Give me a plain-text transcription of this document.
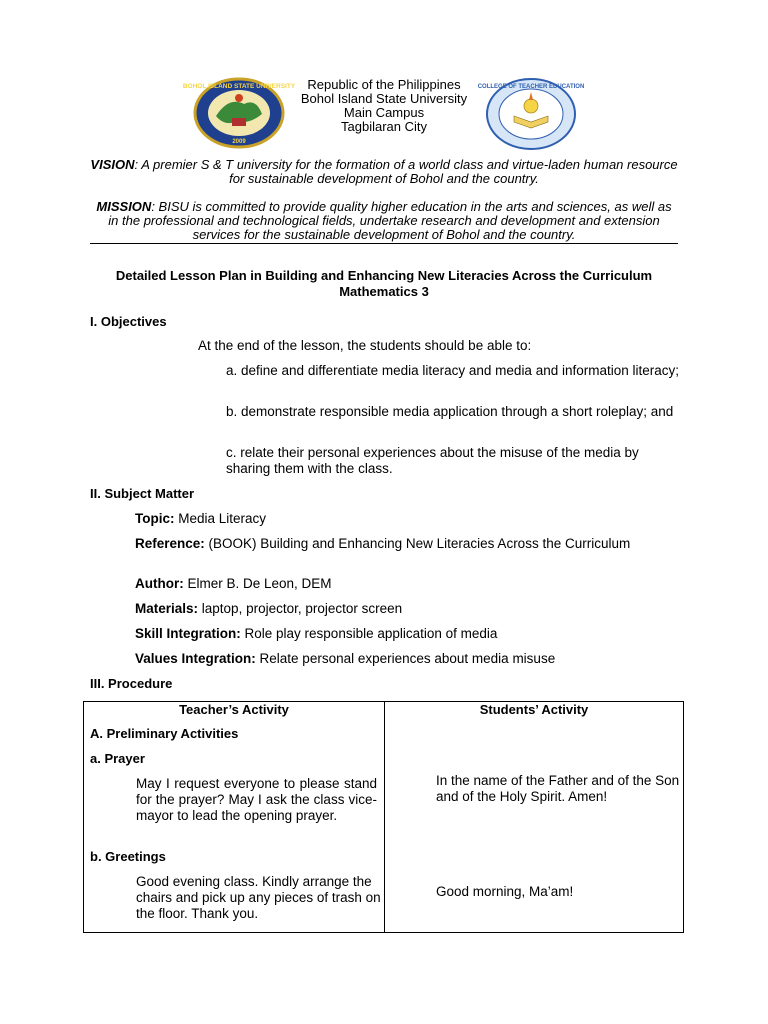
BOHOL ISLAND STATE UNIVERSITY
2009
Republic of the Philippines
Bohol Island State University
Main Campus
Tagbilaran City
COLLEGE OF TEACHER EDUCATION
VISION: A premier S & T university for the formation of a world class and virtue-laden human resource for sustainable development of Bohol and the country.
MISSION: BISU is committed to provide quality higher education in the arts and sciences, as well as in the professional and technological fields, undertake research and development and extension services for the sustainable development of Bohol and the country.
Detailed Lesson Plan in Building and Enhancing New Literacies Across the Curriculum Mathematics 3
I. Objectives
At the end of the lesson, the students should be able to:
a. define and differentiate media literacy and media and information literacy;
b. demonstrate responsible media application through a short roleplay; and
c. relate their personal experiences about the misuse of the media by sharing them with the class.
II. Subject Matter
Topic: Media Literacy
Reference: (BOOK) Building and Enhancing New Literacies Across the Curriculum
Author: Elmer B. De Leon, DEM
Materials: laptop, projector, projector screen
Skill Integration: Role play responsible application of media
Values Integration: Relate personal experiences about media misuse
III. Procedure
Teacher’s Activity	Students’ Activity
A. Preliminary Activities
a. Prayer
May I request everyone to please stand for the prayer? May I ask the class vice-mayor to lead the opening prayer.
In the name of the Father and of the Son and of the Holy Spirit. Amen!
b. Greetings
Good evening class. Kindly arrange the chairs and pick up any pieces of trash on the floor. Thank you.
Good morning, Ma’am!
